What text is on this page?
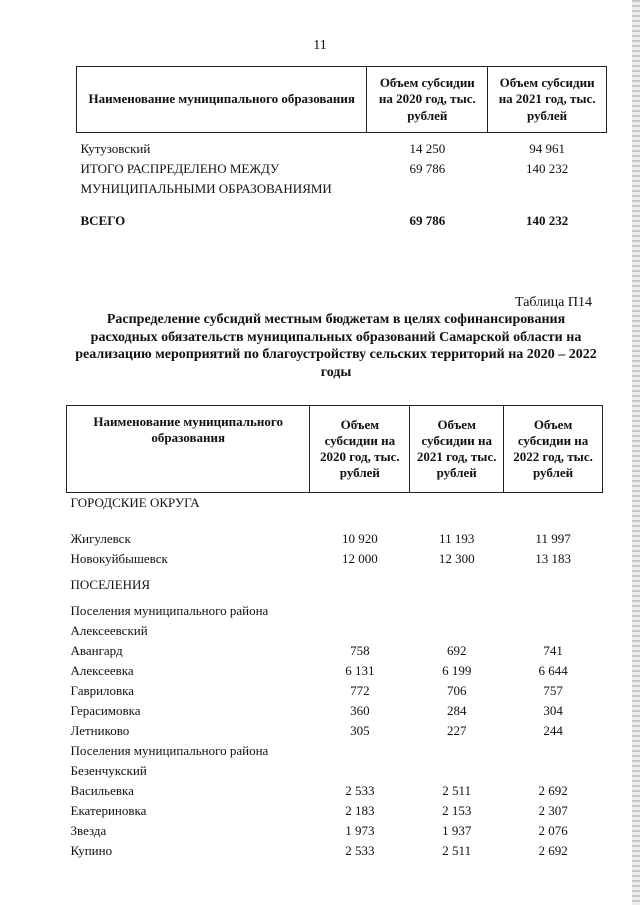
11
Наименование муниципального образования	Объем субсидии на 2020 год, тыс. рублей	Объем субсидии на 2021 год, тыс. рублей

Кутузовский	14 250	94 961
ИТОГО РАСПРЕДЕЛЕНО МЕЖДУ МУНИЦИПАЛЬНЫМИ ОБРАЗОВАНИЯМИ	69 786	140 232

ВСЕГО	69 786	140 232
Таблица П14
Распределение субсидий местным бюджетам в целях софинансирования расходных обязательств муниципальных образований Самарской области на реализацию мероприятий по благоустройству сельских территорий на 2020 – 2022 годы
Наименование муниципального образования	Объем субсидии на 2020 год, тыс. рублей	Объем субсидии на 2021 год, тыс. рублей	Объем субсидии на 2022 год, тыс. рублей
ГОРОДСКИЕ ОКРУГА			

Жигулевск	10 920	11 193	11 997
Новокуйбышевск	12 000	12 300	13 183

ПОСЕЛЕНИЯ			

Поселения муниципального района			
Алексеевский			
Авангард	758	692	741
Алексеевка	6 131	6 199	6 644
Гавриловка	772	706	757
Герасимовка	360	284	304
Летниково	305	227	244
Поселения муниципального района			
Безенчукский			
Васильевка	2 533	2 511	2 692
Екатериновка	2 183	2 153	2 307
Звезда	1 973	1 937	2 076
Купино	2 533	2 511	2 692
